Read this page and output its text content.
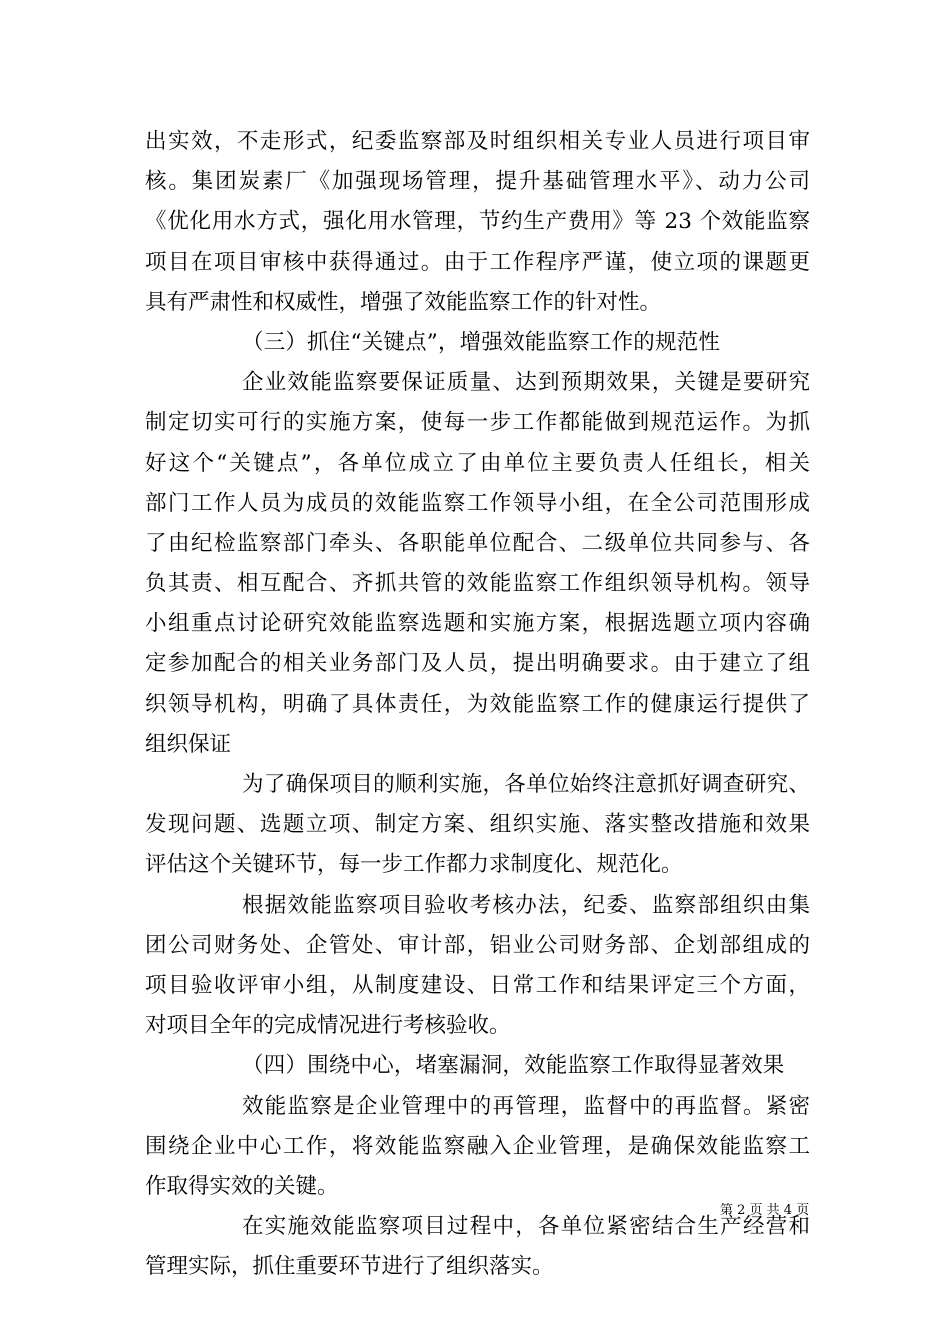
出实效，不走形式，纪委监察部及时组织相关专业人员进行项目审
核。集团炭素厂《加强现场管理，提升基础管理水平》、动力公司
《优化用水方式，强化用水管理，节约生产费用》等 23 个效能监察
项目在项目审核中获得通过。由于工作程序严谨，使立项的课题更
具有严肃性和权威性，增强了效能监察工作的针对性。
（三）抓住“关键点”，增强效能监察工作的规范性
企业效能监察要保证质量、达到预期效果，关键是要研究
制定切实可行的实施方案，使每一步工作都能做到规范运作。为抓
好这个“关键点”，各单位成立了由单位主要负责人任组长，相关
部门工作人员为成员的效能监察工作领导小组，在全公司范围形成
了由纪检监察部门牵头、各职能单位配合、二级单位共同参与、各
负其责、相互配合、齐抓共管的效能监察工作组织领导机构。领导
小组重点讨论研究效能监察选题和实施方案，根据选题立项内容确
定参加配合的相关业务部门及人员，提出明确要求。由于建立了组
织领导机构，明确了具体责任，为效能监察工作的健康运行提供了
组织保证
为了确保项目的顺利实施，各单位始终注意抓好调查研究、
发现问题、选题立项、制定方案、组织实施、落实整改措施和效果
评估这个关键环节，每一步工作都力求制度化、规范化。
根据效能监察项目验收考核办法，纪委、监察部组织由集
团公司财务处、企管处、审计部，铝业公司财务部、企划部组成的
项目验收评审小组，从制度建设、日常工作和结果评定三个方面，
对项目全年的完成情况进行考核验收。
（四）围绕中心，堵塞漏洞，效能监察工作取得显著效果
效能监察是企业管理中的再管理，监督中的再监督。紧密
围绕企业中心工作，将效能监察融入企业管理，是确保效能监察工
作取得实效的关键。
在实施效能监察项目过程中，各单位紧密结合生产经营和
管理实际，抓住重要环节进行了组织落实。
第 2 页 共 4 页
